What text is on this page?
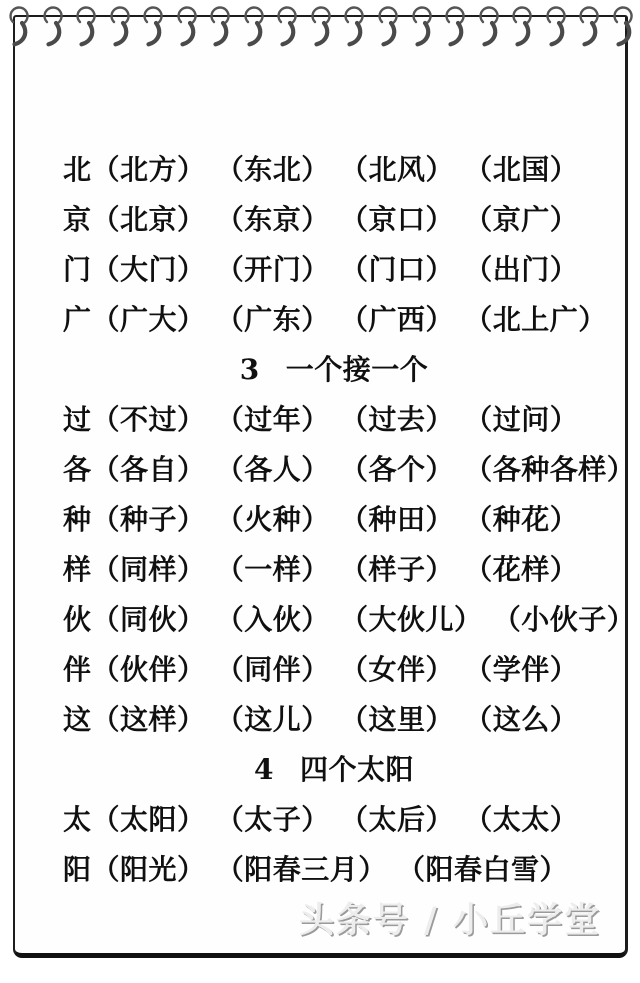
北（北方） （东北） （北风） （北国）
京（北京） （东京） （京口） （京广）
门（大门） （开门） （门口） （出门）
广（广大） （广东） （广西） （北上广）
3 一个接一个
过（不过） （过年） （过去） （过问）
各（各自） （各人） （各个） （各种各样）
种（种子） （火种） （种田） （种花）
样（同样） （一样） （样子） （花样）
伙（同伙） （入伙） （大伙儿） （小伙子）
伴（伙伴） （同伴） （女伴） （学伴）
这（这样） （这儿） （这里） （这么）
4 四个太阳
太（太阳） （太子） （太后） （太太）
阳（阳光） （阳春三月） （阳春白雪）
头条号 / 小丘学堂
